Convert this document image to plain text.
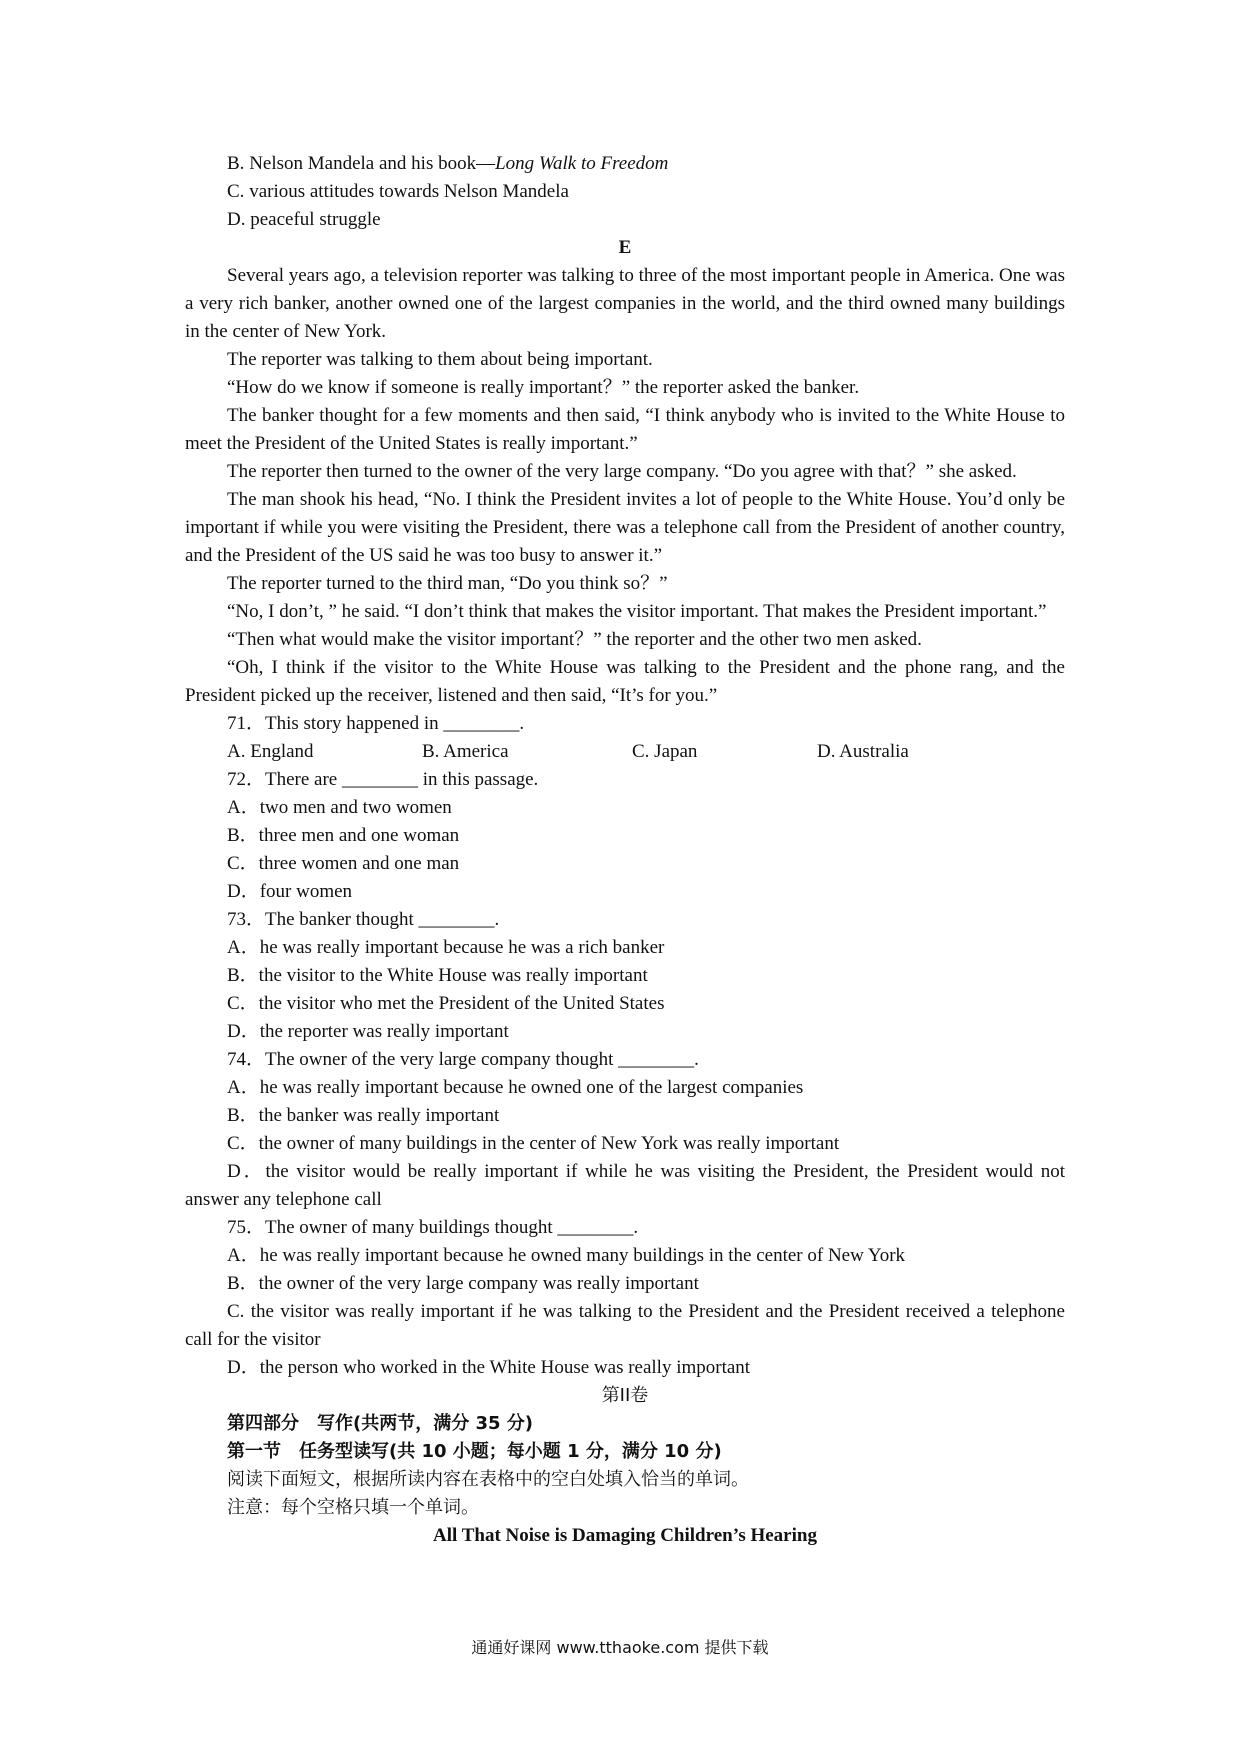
B. Nelson Mandela and his book—Long Walk to Freedom
C. various attitudes towards Nelson Mandela
D. peaceful struggle
E
Several years ago, a television reporter was talking to three of the most important people in America. One was a very rich banker, another owned one of the largest companies in the world, and the third owned many buildings in the center of New York.
The reporter was talking to them about being important.
“How do we know if someone is really important？” the reporter asked the banker.
The banker thought for a few moments and then said, “I think anybody who is invited to the White House to meet the President of the United States is really important.”
The reporter then turned to the owner of the very large company. “Do you agree with that？” she asked.
The man shook his head, “No. I think the President invites a lot of people to the White House. You’d only be important if while you were visiting the President, there was a telephone call from the President of another country, and the President of the US said he was too busy to answer it.”
The reporter turned to the third man, “Do you think so？”
“No, I don’t, ” he said. “I don’t think that makes the visitor important. That makes the President important.”
“Then what would make the visitor important？” the reporter and the other two men asked.
“Oh, I think if the visitor to the White House was talking to the President and the phone rang, and the President picked up the receiver, listened and then said, “It’s for you.”
71．This story happened in ________.
A. England	B. America	C. Japan	D. Australia
72．There are ________ in this passage.
A．two men and two women
B．three men and one woman
C．three women and one man
D．four women
73．The banker thought ________.
A．he was really important because he was a rich banker
B．the visitor to the White House was really important
C．the visitor who met the President of the United States
D．the reporter was really important
74．The owner of the very large company thought ________.
A．he was really important because he owned one of the largest companies
B．the banker was really important
C．the owner of many buildings in the center of New York was really important
D．the visitor would be really important if while he was visiting the President, the President would not answer any telephone call
75．The owner of many buildings thought ________.
A．he was really important because he owned many buildings in the center of New York
B．the owner of the very large company was really important
C. the visitor was really important if he was talking to the President and the President received a telephone call for the visitor
D．the person who worked in the White House was really important
第II卷
第四部分　写作(共两节，满分 35 分)
第一节　任务型读写(共 10 小题；每小题 1 分，满分 10 分)
阅读下面短文，根据所读内容在表格中的空白处填入恰当的单词。
注意：每个空格只填一个单词。
All That Noise is Damaging Children’s Hearing
通通好课网 www.tthaoke.com 提供下载
